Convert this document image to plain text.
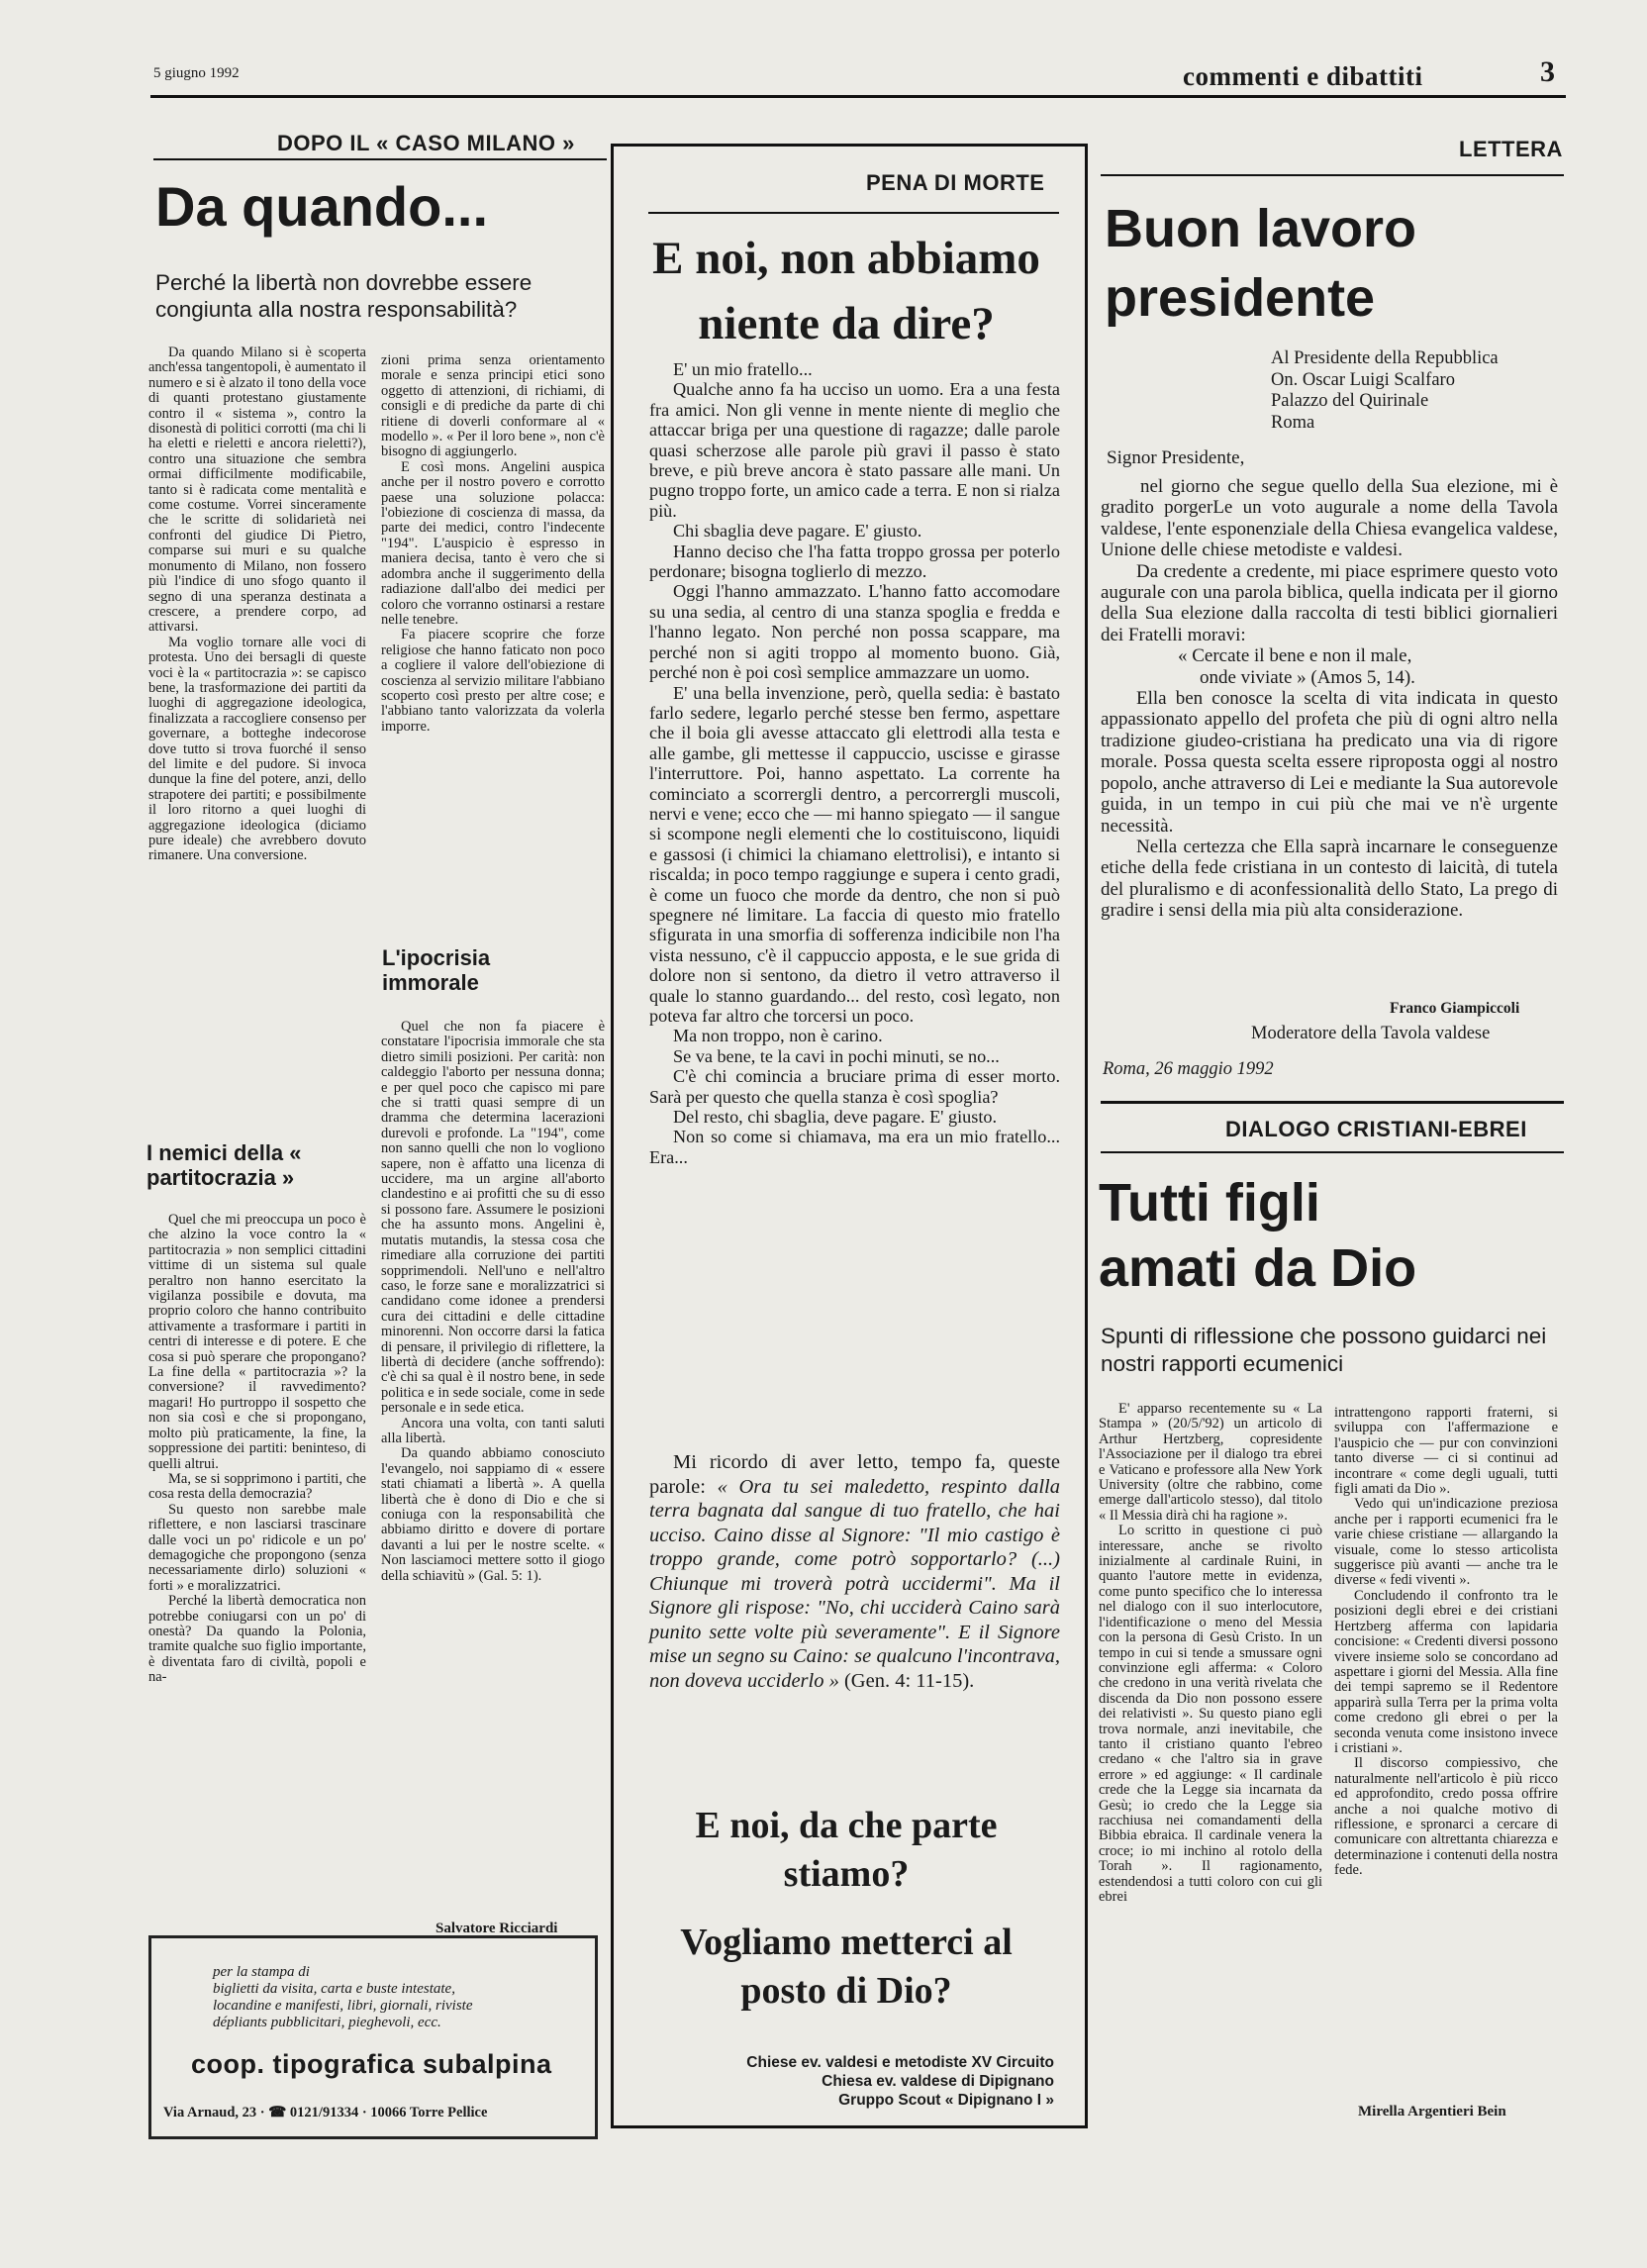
5 giugno 1992	commenti e dibattiti	3
DOPO IL « CASO MILANO »
Da quando...
Perché la libertà non dovrebbe essere congiunta alla nostra responsabilità?

Da quando Milano si è scoperta anch'essa tangentopoli, è aumentato il numero e si è alzato il tono della voce di quanti protestano giustamente contro il « sistema », contro la disonestà di politici corrotti (ma chi li ha eletti e rieletti e ancora rieletti?), contro una situazione che sembra ormai difficilmente modificabile, tanto si è radicata come mentalità e come costume. Vorrei sinceramente che le scritte di solidarietà nei confronti del giudice Di Pietro, comparse sui muri e su qualche monumento di Milano, non fossero più l'indice di uno sfogo quanto il segno di una speranza destinata a crescere, a prendere corpo, ad attivarsi.

Ma voglio tornare alle voci di protesta. Uno dei bersagli di queste voci è la « partitocrazia »: se capisco bene, la trasformazione dei partiti da luoghi di aggregazione ideologica, finalizzata a raccogliere consenso per governare, a botteghe indecorose dove tutto si trova fuorché il senso del limite e del pudore. Si invoca dunque la fine del potere, anzi, dello strapotere dei partiti; e possibilmente il loro ritorno a quei luoghi di aggregazione ideologica (diciamo pure ideale) che avrebbero dovuto rimanere. Una conversione.

I nemici della « partitocrazia »

Quel che mi preoccupa un poco è che alzino la voce contro la « partitocrazia » non semplici cittadini vittime di un sistema sul quale peraltro non hanno esercitato la vigilanza possibile e dovuta, ma proprio coloro che hanno contribuito attivamente a trasformare i partiti in centri di interesse e di potere. E che cosa si può sperare che propongano? La fine della « partitocrazia »? la conversione? il ravvedimento? magari! Ho purtroppo il sospetto che non sia così e che si propongano, molto più praticamente, la fine, la soppressione dei partiti: beninteso, di quelli altrui.

Ma, se si sopprimono i partiti, che cosa resta della democrazia?

Su questo non sarebbe male riflettere, e non lasciarsi trascinare dalle voci un po' ridicole e un po' demagogiche che propongono (senza necessariamente dirlo) soluzioni « forti » e moralizzatrici.

Perché la libertà democratica non potrebbe coniugarsi con un po' di onestà? Da quando la Polonia, tramite qualche suo figlio importante, è diventata faro di civiltà, popoli e na-

zioni prima senza orientamento morale e senza principi etici sono oggetto di attenzioni, di richiami, di consigli e di prediche da parte di chi ritiene di doverli conformare al « modello ». « Per il loro bene », non c'è bisogno di aggiungerlo.

E così mons. Angelini auspica anche per il nostro povero e corrotto paese una soluzione polacca: l'obiezione di coscienza di massa, da parte dei medici, contro l'indecente "194". L'auspicio è espresso in maniera decisa, tanto è vero che si adombra anche il suggerimento della radiazione dall'albo dei medici per coloro che vorranno ostinarsi a restare nelle tenebre.

Fa piacere scoprire che forze religiose che hanno faticato non poco a cogliere il valore dell'obiezione di coscienza al servizio militare l'abbiano scoperto così presto per altre cose; e l'abbiano tanto valorizzata da volerla imporre.

L'ipocrisia immorale

Quel che non fa piacere è constatare l'ipocrisia immorale che sta dietro simili posizioni. Per carità: non caldeggio l'aborto per nessuna donna; e per quel poco che capisco mi pare che si tratti quasi sempre di un dramma che determina lacerazioni durevoli e profonde. La "194", come non sanno quelli che non lo vogliono sapere, non è affatto una licenza di uccidere, ma un argine all'aborto clandestino e ai profitti che su di esso si possono fare. Assumere le posizioni che ha assunto mons. Angelini è, mutatis mutandis, la stessa cosa che rimediare alla corruzione dei partiti sopprimendoli. Nell'uno e nell'altro caso, le forze sane e moralizzatrici si candidano come idonee a prendersi cura dei cittadini e delle cittadine minorenni. Non occorre darsi la fatica di pensare, il privilegio di riflettere, la libertà di decidere (anche soffrendo): c'è chi sa qual è il nostro bene, in sede politica e in sede sociale, come in sede personale e in sede etica.

Ancora una volta, con tanti saluti alla libertà.

Da quando abbiamo conosciuto l'evangelo, noi sappiamo di « essere stati chiamati a libertà ». A quella libertà che è dono di Dio e che si coniuga con la responsabilità che abbiamo diritto e dovere di portare davanti a lui per le nostre scelte. « Non lasciamoci mettere sotto il giogo della schiavitù » (Gal. 5: 1).

Salvatore Ricciardi
per la stampa di
biglietti da visita, carta e buste intestate,
locandine e manifesti, libri, giornali, riviste
dépliants pubblicitari, pieghevoli, ecc.
coop. tipografica subalpina
Via Arnaud, 23 · ☎ 0121/91334 · 10066 Torre Pellice
PENA DI MORTE
E noi, non abbiamo niente da dire?

E' un mio fratello...

Qualche anno fa ha ucciso un uomo. Era a una festa fra amici. Non gli venne in mente niente di meglio che attaccar briga per una questione di ragazze; dalle parole quasi scherzose alle parole più gravi il passo è stato breve, e più breve ancora è stato passare alle mani. Un pugno troppo forte, un amico cade a terra. E non si rialza più.

Chi sbaglia deve pagare. E' giusto.

Hanno deciso che l'ha fatta troppo grossa per poterlo perdonare; bisogna toglierlo di mezzo.

Oggi l'hanno ammazzato. L'hanno fatto accomodare su una sedia, al centro di una stanza spoglia e fredda e l'hanno legato. Non perché non possa scappare, ma perché non si agiti troppo al momento buono. Già, perché non è poi così semplice ammazzare un uomo.

E' una bella invenzione, però, quella sedia: è bastato farlo sedere, legarlo perché stesse ben fermo, aspettare che il boia gli avesse attaccato gli elettrodi alla testa e alle gambe, gli mettesse il cappuccio, uscisse e girasse l'interruttore. Poi, hanno aspettato. La corrente ha cominciato a scorrergli dentro, a percorrergli muscoli, nervi e vene; ecco che — mi hanno spiegato — il sangue si scompone negli elementi che lo costituiscono, liquidi e gassosi (i chimici la chiamano elettrolisi), e intanto si riscalda; in poco tempo raggiunge e supera i cento gradi, è come un fuoco che morde da dentro, che non si può spegnere né limitare. La faccia di questo mio fratello sfigurata in una smorfia di sofferenza indicibile non l'ha vista nessuno, c'è il cappuccio apposta, e le sue grida di dolore non si sentono, da dietro il vetro attraverso il quale lo stanno guardando... del resto, così legato, non poteva far altro che torcersi un poco.

Ma non troppo, non è carino.

Se va bene, te la cavi in pochi minuti, se no...

C'è chi comincia a bruciare prima di esser morto. Sarà per questo che quella stanza è così spoglia?

Del resto, chi sbaglia, deve pagare. E' giusto.

Non so come si chiamava, ma era un mio fratello... Era...

Mi ricordo di aver letto, tempo fa, queste parole: « Ora tu sei maledetto, respinto dalla terra bagnata dal sangue di tuo fratello, che hai ucciso. Caino disse al Signore: "Il mio castigo è troppo grande, come potrò sopportarlo? (...) Chiunque mi troverà potrà uccidermi". Ma il Signore gli rispose: "No, chi ucciderà Caino sarà punito sette volte più severamente". E il Signore mise un segno su Caino: se qualcuno l'incontrava, non doveva ucciderlo » (Gen. 4: 11-15).
E noi, da che parte stiamo?
Vogliamo metterci al posto di Dio?
Chiese ev. valdesi e metodiste XV Circuito
Chiesa ev. valdese di Dipignano
Gruppo Scout « Dipignano I »
LETTERA
Buon lavoro presidente
Al Presidente della Repubblica
On. Oscar Luigi Scalfaro
Palazzo del Quirinale
Roma
Signor Presidente,

nel giorno che segue quello della Sua elezione, mi è gradito porgerLe un voto augurale a nome della Tavola valdese, l'ente esponenziale della Chiesa evangelica valdese, Unione delle chiese metodiste e valdesi.

Da credente a credente, mi piace esprimere questo voto augurale con una parola biblica, quella indicata per il giorno della Sua elezione dalla raccolta di testi biblici giornalieri dei Fratelli moravi:

« Cercate il bene e non il male,
onde viviate » (Amos 5, 14).

Ella ben conosce la scelta di vita indicata in questo appassionato appello del profeta che più di ogni altro nella tradizione giudeo-cristiana ha predicato una via di rigore morale. Possa questa scelta essere riproposta oggi al nostro popolo, anche attraverso di Lei e mediante la Sua autorevole guida, in un tempo in cui più che mai ve n'è urgente necessità.

Nella certezza che Ella saprà incarnare le conseguenze etiche della fede cristiana in un contesto di laicità, di tutela del pluralismo e di aconfessionalità dello Stato, La prego di gradire i sensi della mia più alta considerazione.

Franco Giampiccoli
Moderatore della Tavola valdese
Roma, 26 maggio 1992
DIALOGO CRISTIANI-EBREI
Tutti figli amati da Dio
Spunti di riflessione che possono guidarci nei nostri rapporti ecumenici

E' apparso recentemente su « La Stampa » (20/5/'92) un articolo di Arthur Hertzberg, copresidente l'Associazione per il dialogo tra ebrei e Vaticano e professore alla New York University (oltre che rabbino, come emerge dall'articolo stesso), dal titolo « Il Messia dirà chi ha ragione ».

Lo scritto in questione ci può interessare, anche se rivolto inizialmente al cardinale Ruini, in quanto l'autore mette in evidenza, come punto specifico che lo interessa nel dialogo con il suo interlocutore, l'identificazione o meno del Messia con la persona di Gesù Cristo. In un tempo in cui si tende a smussare ogni convinzione egli afferma: « Coloro che credono in una verità rivelata che discenda da Dio non possono essere dei relativisti ». Su questo piano egli trova normale, anzi inevitabile, che tanto il cristiano quanto l'ebreo credano « che l'altro sia in grave errore » ed aggiunge: « Il cardinale crede che la Legge sia incarnata da Gesù; io credo che la Legge sia racchiusa nei comandamenti della Bibbia ebraica. Il cardinale venera la croce; io mi inchino al rotolo della Torah ». Il ragionamento, estendendosi a tutti coloro con cui gli ebrei

intrattengono rapporti fraterni, si sviluppa con l'affermazione e l'auspicio che — pur con convinzioni tanto diverse — ci si continui ad incontrare « come degli uguali, tutti figli amati da Dio ».

Vedo qui un'indicazione preziosa anche per i rapporti ecumenici fra le varie chiese cristiane — allargando la visuale, come lo stesso articolista suggerisce più avanti — anche tra le diverse « fedi viventi ».

Concludendo il confronto tra le posizioni degli ebrei e dei cristiani Hertzberg afferma con lapidaria concisione: « Credenti diversi possono vivere insieme solo se concordano ad aspettare i giorni del Messia. Alla fine dei tempi sapremo se il Redentore apparirà sulla Terra per la prima volta come credono gli ebrei o per la seconda venuta come insistono invece i cristiani ».

Il discorso compiessivo, che naturalmente nell'articolo è più ricco ed approfondito, credo possa offrire anche a noi qualche motivo di riflessione, e spronarci a cercare di comunicare con altrettanta chiarezza e determinazione i contenuti della nostra fede.

Mirella Argentieri Bein
